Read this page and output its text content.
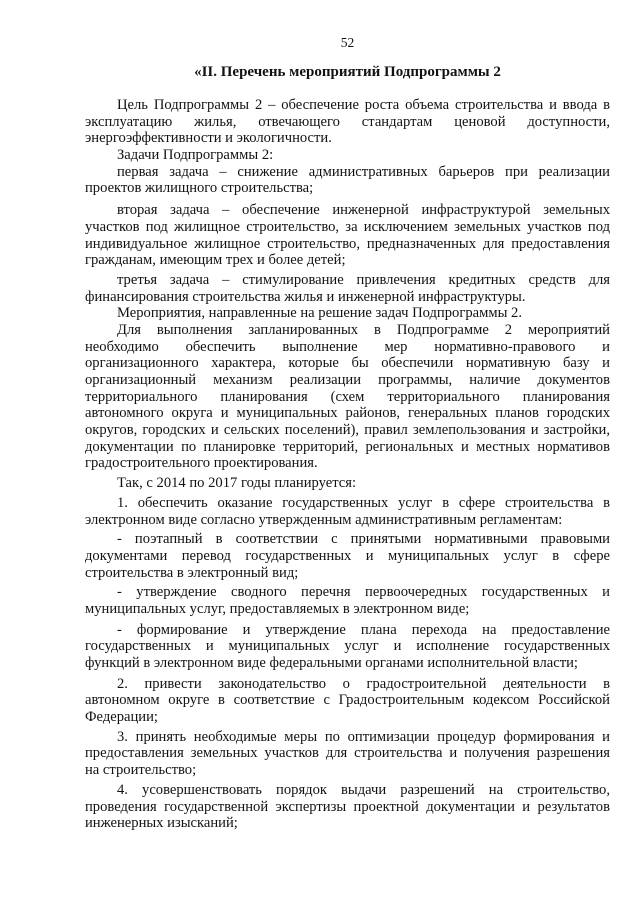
52
«II. Перечень мероприятий Подпрограммы 2
Цель Подпрограммы 2 – обеспечение роста объема строительства и ввода в
эксплуатацию жилья, отвечающего стандартам ценовой доступности,
энергоэффективности и экологичности.
Задачи Подпрограммы 2:
первая задача – снижение административных барьеров при реализации
проектов жилищного строительства;
вторая задача – обеспечение инженерной инфраструктурой земельных
участков под жилищное строительство, за исключением земельных участков под
индивидуальное жилищное строительство, предназначенных для предоставления
гражданам, имеющим трех и более детей;
третья задача – стимулирование привлечения кредитных средств для
финансирования строительства жилья и инженерной инфраструктуры.
Мероприятия, направленные на решение задач Подпрограммы 2.
Для выполнения запланированных в Подпрограмме 2 мероприятий
необходимо обеспечить выполнение мер нормативно-правового и
организационного характера, которые бы обеспечили нормативную базу и
организационный механизм реализации программы, наличие документов
территориального планирования (схем территориального планирования
автономного округа и муниципальных районов, генеральных планов городских
округов, городских и сельских поселений), правил землепользования и застройки,
документации по планировке территорий, региональных и местных нормативов
градостроительного проектирования.
Так, с 2014 по 2017 годы планируется:
1. обеспечить оказание государственных услуг в сфере строительства в
электронном виде согласно утвержденным административным регламентам:
- поэтапный в соответствии с принятыми нормативными правовыми
документами перевод государственных и муниципальных услуг в сфере
строительства в электронный вид;
- утверждение сводного перечня первоочередных государственных и
муниципальных услуг, предоставляемых в электронном виде;
- формирование и утверждение плана перехода на предоставление
государственных и муниципальных услуг и исполнение государственных
функций в электронном виде федеральными органами исполнительной власти;
2. привести законодательство о градостроительной деятельности в
автономном округе в соответствие с Градостроительным кодексом Российской
Федерации;
3. принять необходимые меры по оптимизации процедур формирования и
предоставления земельных участков для строительства и получения разрешения
на строительство;
4. усовершенствовать порядок выдачи разрешений на строительство,
проведения государственной экспертизы проектной документации и результатов
инженерных изысканий;
